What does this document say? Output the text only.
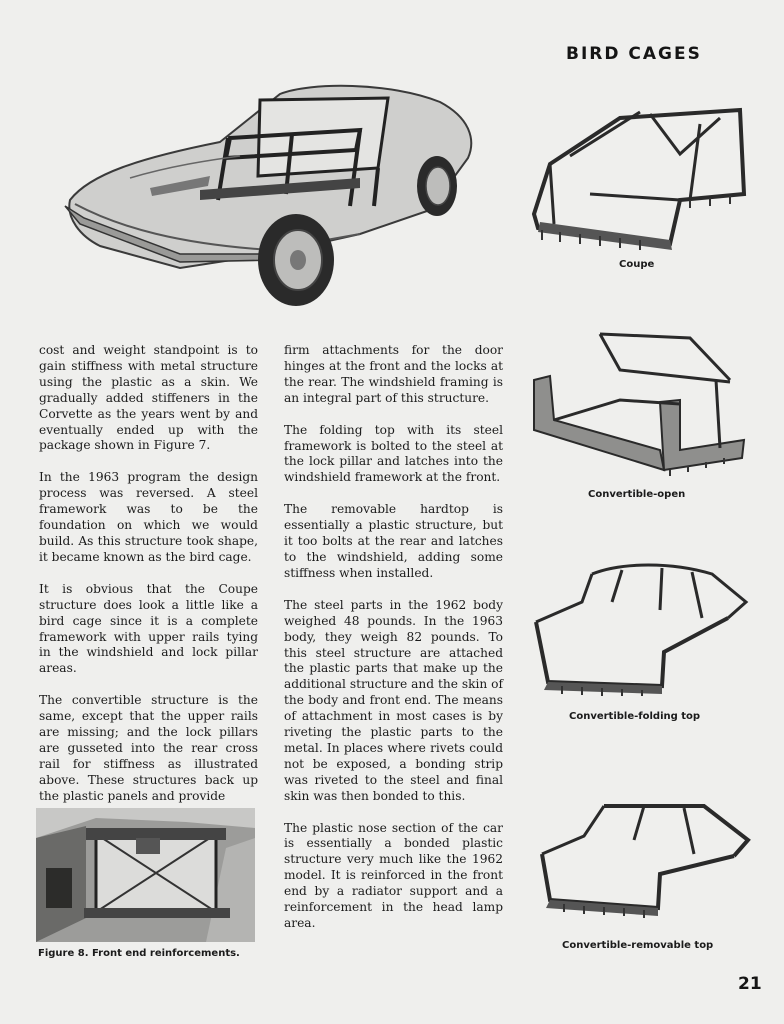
BIRD CAGES
Coupe
Convertible-open
Convertible-folding top
Convertible-removable top

cost and weight standpoint is to gain stiffness with metal structure using the plastic as a skin. We gradually added stiffeners in the Corvette as the years went by and eventually ended up with the package shown in Figure 7.

In the 1963 program the design process was reversed. A steel framework was to be the foundation on which we would build. As this structure took shape, it became known as the bird cage.

It is obvious that the Coupe structure does look a little like a bird cage since it is a complete framework with upper rails tying in the windshield and lock pillar areas.

The convertible structure is the same, except that the upper rails are missing; and the lock pillars are gusseted into the rear cross rail for stiffness as illustrated above. These structures back up the plastic panels and provide

firm attachments for the door hinges at the front and the locks at the rear. The windshield framing is an integral part of this structure.

The folding top with its steel framework is bolted to the steel at the lock pillar and latches into the windshield framework at the front.

The removable hardtop is essentially a plastic structure, but it too bolts at the rear and latches to the windshield, adding some stiffness when installed.

The steel parts in the 1962 body weighed 48 pounds. In the 1963 body, they weigh 82 pounds. To this steel structure are attached the plastic parts that make up the additional structure and the skin of the body and front end. The means of attachment in most cases is by riveting the plastic parts to the metal. In places where rivets could not be exposed, a bonding strip was riveted to the steel and final skin was then bonded to this.

The plastic nose section of the car is essentially a bonded plastic structure very much like the 1962 model. It is reinforced in the front end by a radiator support and a reinforcement in the head lamp area.

Figure 8. Front end reinforcements.
21
